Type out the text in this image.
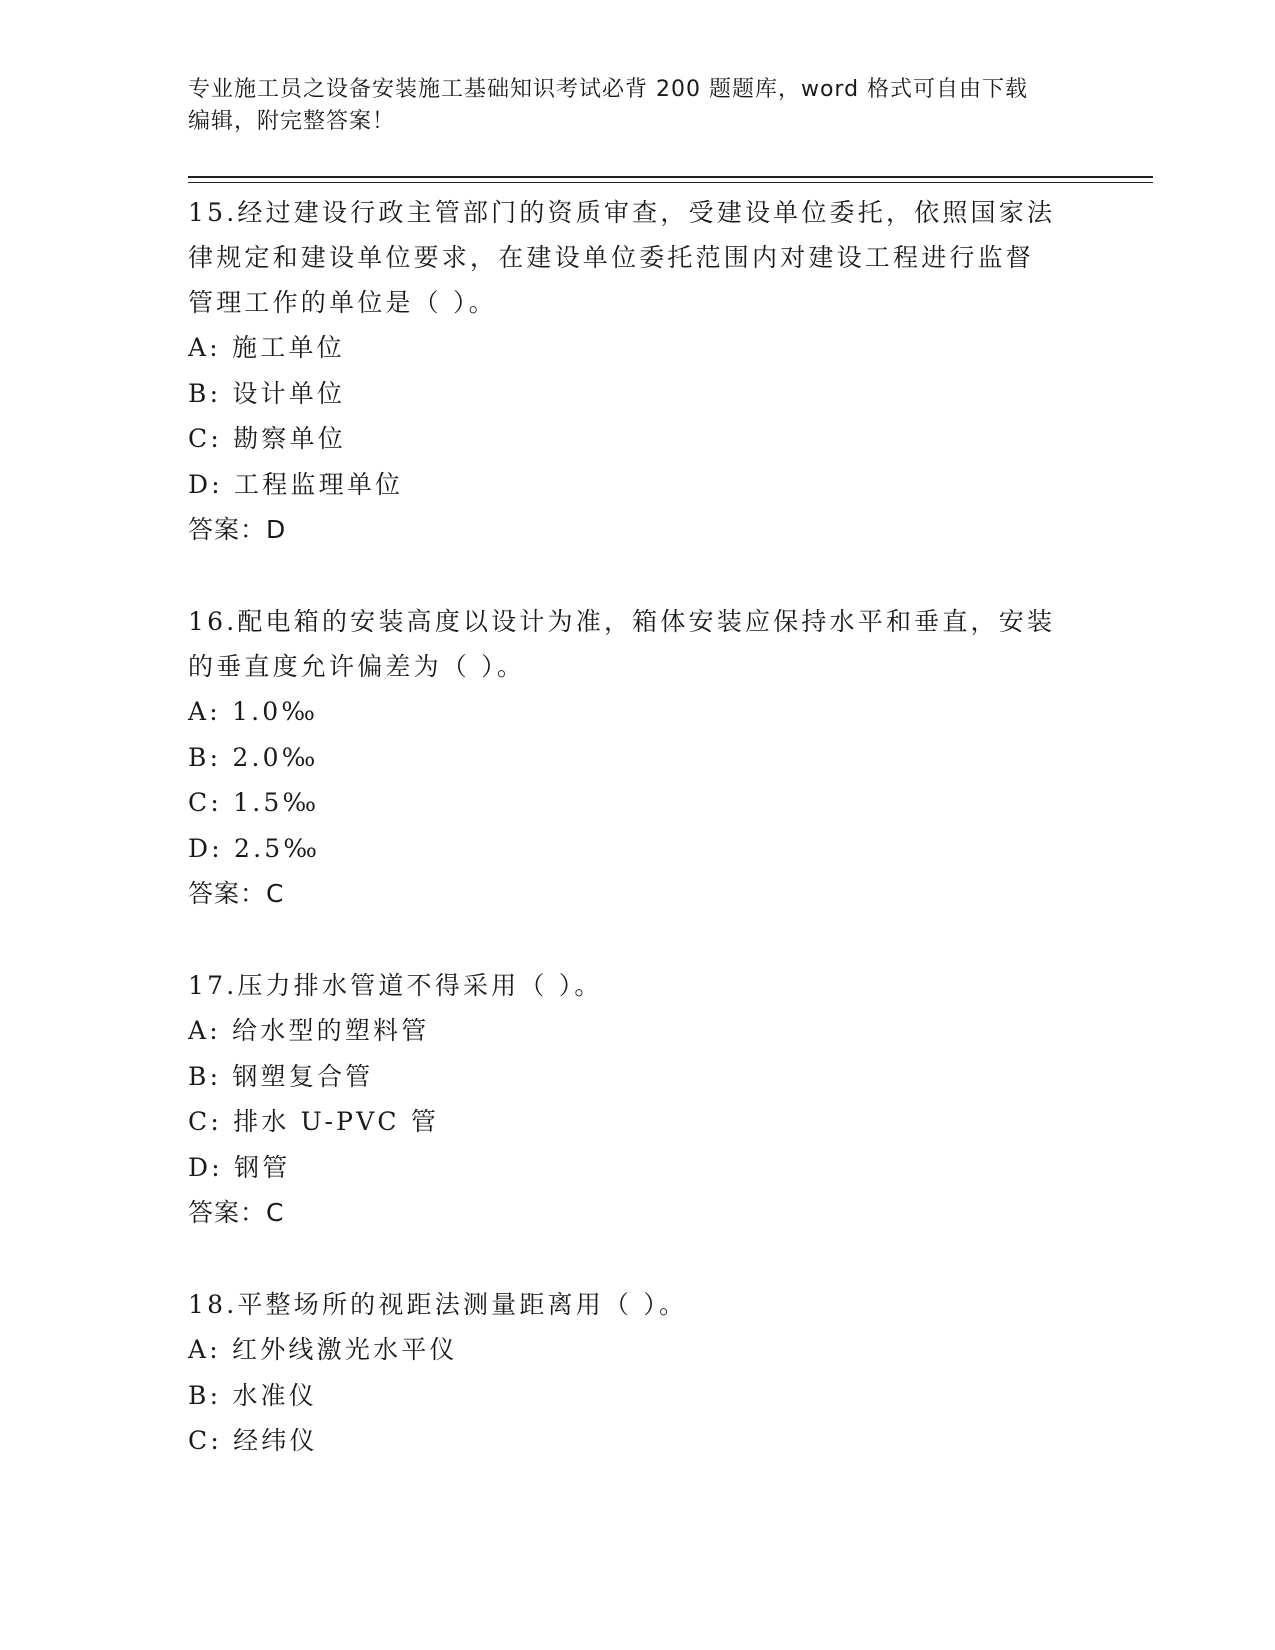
专业施工员之设备安装施工基础知识考试必背 200 题题库，word 格式可自由下载
编辑，附完整答案！
15.经过建设行政主管部门的资质审查，受建设单位委托，依照国家法
律规定和建设单位要求，在建设单位委托范围内对建设工程进行监督
管理工作的单位是（ ）。
A: 施工单位
B: 设计单位
C: 勘察单位
D: 工程监理单位
答案：D
16.配电箱的安装高度以设计为准，箱体安装应保持水平和垂直，安装
的垂直度允许偏差为（ ）。
A: 1.0‰
B: 2.0‰
C: 1.5‰
D: 2.5‰
答案：C
17.压力排水管道不得采用（ ）。
A: 给水型的塑料管
B: 钢塑复合管
C: 排水 U-PVC 管
D: 钢管
答案：C
18.平整场所的视距法测量距离用（ ）。
A: 红外线激光水平仪
B: 水准仪
C: 经纬仪
